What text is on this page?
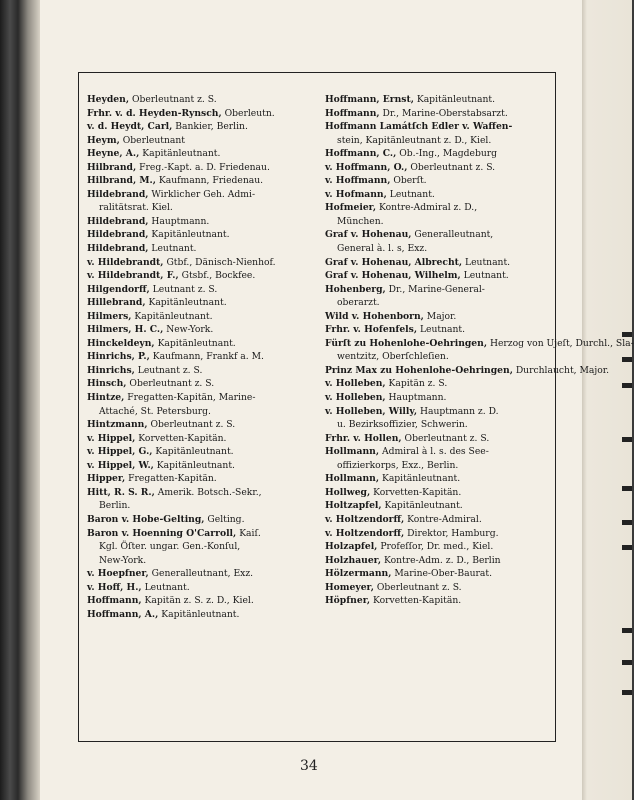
Heyden, Oberleutnant z. S.
Frhr. v. d. Heyden-Rynsch, Oberleutn.
v. d. Heydt, Carl, Bankier, Berlin.
Heym, Oberleutnant
Heyne, A., Kapitänleutnant.
Hilbrand, Freg.-Kapt. a. D. Friedenau.
Hilbrand, M., Kaufmann, Friedenau.
Hildebrand, Wirklicher Geh. Admi-
ralitätsrat. Kiel.
Hildebrand, Hauptmann.
Hildebrand, Kapitänleutnant.
Hildebrand, Leutnant.
v. Hildebrandt, Gtbf., Dänisch-Nienhof.
v. Hildebrandt, F., Gtsbf., Bockfee.
Hilgendorff, Leutnant z. S.
Hillebrand, Kapitänleutnant.
Hilmers, Kapitänleutnant.
Hilmers, H. C., New-York.
Hinckeldeyn, Kapitänleutnant.
Hinrichs, P., Kaufmann, Frankf a. M.
Hinrichs, Leutnant z. S.
Hinsch, Oberleutnant z. S.
Hintze, Fregatten-Kapitän, Marine-
Attaché, St. Petersburg.
Hintzmann, Oberleutnant z. S.
v. Hippel, Korvetten-Kapitän.
v. Hippel, G., Kapitänleutnant.
v. Hippel, W., Kapitänleutnant.
Hipper, Fregatten-Kapitän.
Hitt, R. S. R., Amerik. Botsch.-Sekr.,
Berlin.
Baron v. Hobe-Gelting, Gelting.
Baron v. Hoenning O'Carroll, Kaiſ.
Kgl. Öſter. ungar. Gen.-Konſul,
New-York.
v. Hoepfner, Generalleutnant, Exz.
v. Hoff, H., Leutnant.
Hoffmann, Kapitän z. S. z. D., Kiel.
Hoffmann, A., Kapitänleutnant.
Hoffmann, Ernst, Kapitänleutnant.
Hoffmann, Dr., Marine-Oberstabsarzt.
Hoffmann Lamátſch Edler v. Waffen-
stein, Kapitänleutnant z. D., Kiel.
Hoffmann, C., Ob.-Ing., Magdeburg
v. Hoffmann, O., Oberleutnant z. S.
v. Hoffmann, Oberſt.
v. Hofmann, Leutnant.
Hofmeier, Kontre-Admiral z. D.,
München.
Graf v. Hohenau, Generalleutnant,
General à. l. s, Exz.
Graf v. Hohenau, Albrecht, Leutnant.
Graf v. Hohenau, Wilhelm, Leutnant.
Hohenberg, Dr., Marine-General-
oberarzt.
Wild v. Hohenborn, Major.
Frhr. v. Hofenfels, Leutnant.
Fürſt zu Hohenlohe-Oehringen, Herzog von Ujeſt, Durchl., Sla-
wentzitz, Oberſchleſien.
Prinz Max zu Hohenlohe-Oehringen, Durchlaucht, Major.
v. Holleben, Kapitän z. S.
v. Holleben, Hauptmann.
v. Holleben, Willy, Hauptmann z. D.
u. Bezirksoffizier, Schwerin.
Frhr. v. Hollen, Oberleutnant z. S.
Hollmann, Admiral à l. s. des See-
offizierkorps, Exz., Berlin.
Hollmann, Kapitänleutnant.
Hollweg, Korvetten-Kapitän.
Holtzapfel, Kapitänleutnant.
v. Holtzendorff, Kontre-Admiral.
v. Holtzendorff, Direktor, Hamburg.
Holzapfel, Profeſſor, Dr. med., Kiel.
Holzhauer, Kontre-Adm. z. D., Berlin
Hölzermann, Marine-Ober-Baurat.
Homeyer, Oberleutnant z. S.
Höpfner, Korvetten-Kapitän.
34
